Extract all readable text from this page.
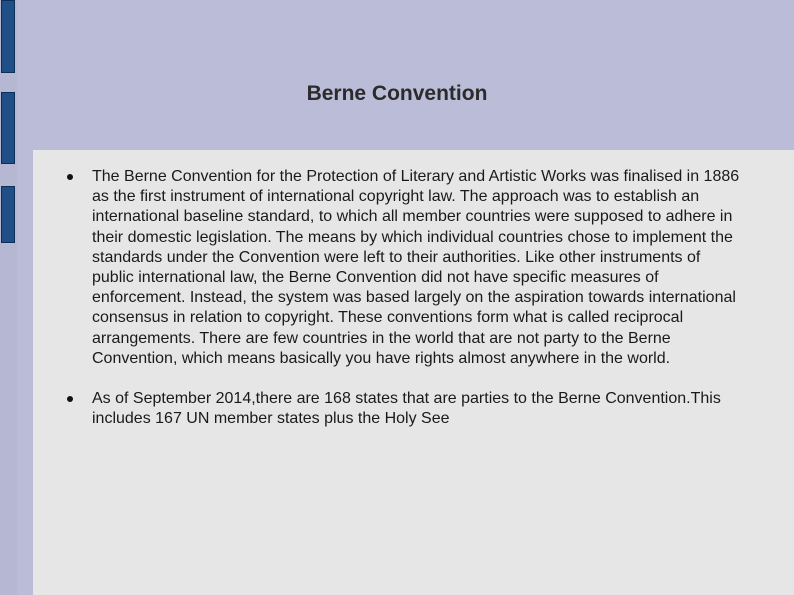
Berne Convention
The Berne Convention for the Protection of Literary and Artistic Works was finalised in 1886 as the first instrument of international copyright law. The approach was to establish an international baseline standard, to which all member countries were supposed to adhere in their domestic legislation. The means by which individual countries chose to implement the standards under the Convention were left to their authorities. Like other instruments of public international law, the Berne Convention did not have specific measures of enforcement. Instead, the system was based largely on the aspiration towards international consensus in relation to copyright. These conventions form what is called reciprocal arrangements. There are few countries in the world that are not party to the Berne Convention, which means basically you have rights almost anywhere in the world.
As of September 2014,there are 168 states that are parties to the Berne Convention.This includes 167 UN member states plus the Holy See
